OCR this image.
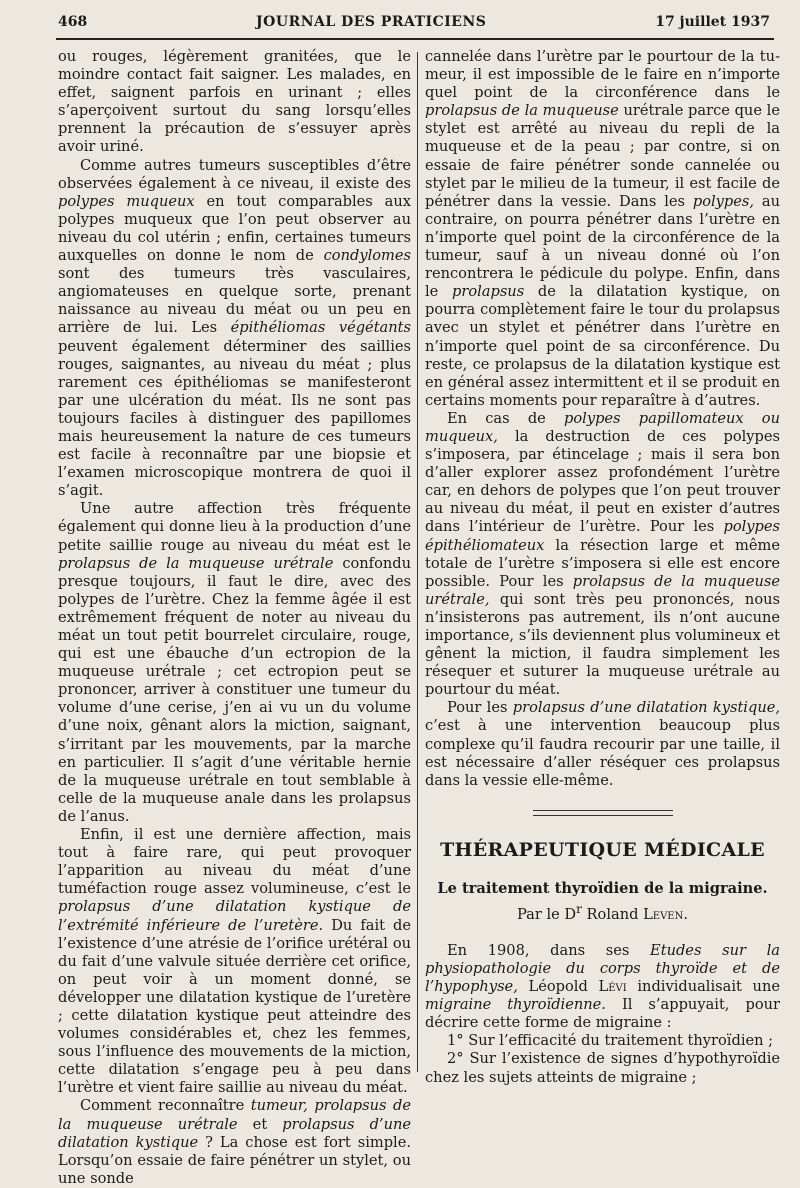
468	JOURNAL DES PRATICIENS	17 juillet 1937

ou rouges, légèrement granitées, que le moindre contact fait saigner. Les malades, en effet, saignent parfois en urinant ; elles s’aperçoivent surtout du sang lorsqu’elles prennent la précaution de s’essuyer après avoir uriné.

Comme autres tumeurs susceptibles d’être observées également à ce niveau, il existe des polypes muqueux en tout comparables aux polypes muqueux que l’on peut observer au niveau du col utérin ; enfin, certaines tumeurs auxquelles on donne le nom de condylomes sont des tumeurs très vasculaires, angiomateuses en quelque sorte, prenant naissance au niveau du méat ou un peu en arrière de lui. Les épithéliomas végétants peuvent également déterminer des saillies rouges, saignantes, au niveau du méat ; plus rarement ces épithéliomas se manifesteront par une ulcération du méat. Ils ne sont pas toujours faciles à distinguer des papillomes mais heureusement la nature de ces tumeurs est facile à reconnaître par une biopsie et l’examen microscopique montrera de quoi il s’agit.

Une autre affection très fréquente également qui donne lieu à la production d’une petite saillie rouge au niveau du méat est le prolapsus de la muqueuse urétrale confondu presque toujours, il faut le dire, avec des polypes de l’urètre. Chez la femme âgée il est extrêmement fréquent de noter au niveau du méat un tout petit bourrelet circulaire, rouge, qui est une ébauche d’un ectropion de la muqueuse urétrale ; cet ectropion peut se prononcer, arriver à constituer une tumeur du volume d’une cerise, j’en ai vu un du volume d’une noix, gênant alors la miction, saignant, s’irritant par les mouvements, par la marche en particulier. Il s’agit d’une véritable hernie de la muqueuse urétrale en tout semblable à celle de la muqueuse anale dans les prolapsus de l’anus.

Enfin, il est une dernière affection, mais tout à faire rare, qui peut provoquer l’apparition au niveau du méat d’une tuméfaction rouge assez volumineuse, c’est le prolapsus d’une dilatation kystique de l’extrémité inférieure de l’uretère. Du fait de l’existence d’une atrésie de l’orifice urétéral ou du fait d’une valvule située derrière cet orifice, on peut voir à un moment donné, se développer une dilatation kystique de l’uretère ; cette dilatation kystique peut atteindre des volumes considérables et, chez les femmes, sous l’influence des mouvements de la miction, cette dilatation s’engage peu à peu dans l’urètre et vient faire saillie au niveau du méat.

Comment reconnaître tumeur, prolapsus de la muqueuse urétrale et prolapsus d’une dilatation kystique ? La chose est fort simple. Lorsqu’on essaie de faire pénétrer un stylet, ou une sonde

cannelée dans l’urètre par le pourtour de la tumeur, il est impossible de le faire en n’importe quel point de la circonférence dans le prolapsus de la muqueuse urétrale parce que le stylet est arrêté au niveau du repli de la muqueuse et de la peau ; par contre, si on essaie de faire pénétrer sonde cannelée ou stylet par le milieu de la tumeur, il est facile de pénétrer dans la vessie. Dans les polypes, au contraire, on pourra pénétrer dans l’urètre en n’importe quel point de la circonférence de la tumeur, sauf à un niveau donné où l’on rencontrera le pédicule du polype. Enfin, dans le prolapsus de la dilatation kystique, on pourra complètement faire le tour du prolapsus avec un stylet et pénétrer dans l’urètre en n’importe quel point de sa circonférence. Du reste, ce prolapsus de la dilatation kystique est en général assez intermittent et il se produit en certains moments pour reparaître à d’autres.

En cas de polypes papillomateux ou muqueux, la destruction de ces polypes s’imposera, par étincelage ; mais il sera bon d’aller explorer assez profondément l’urètre car, en dehors de polypes que l’on peut trouver au niveau du méat, il peut en exister d’autres dans l’intérieur de l’urètre. Pour les polypes épithéliomateux la résection large et même totale de l’urètre s’imposera si elle est encore possible. Pour les prolapsus de la muqueuse urétrale, qui sont très peu prononcés, nous n’insisterons pas autrement, ils n’ont aucune importance, s’ils deviennent plus volumineux et gênent la miction, il faudra simplement les résequer et suturer la muqueuse urétrale au pourtour du méat.

Pour les prolapsus d’une dilatation kystique, c’est à une intervention beaucoup plus complexe qu’il faudra recourir par une taille, il est nécessaire d’aller réséquer ces prolapsus dans la vessie elle-même.

THÉRAPEUTIQUE MÉDICALE
Le traitement thyroïdien de la migraine.
Par le $D^r$ Roland Leven.

En 1908, dans ses Etudes sur la physiopathologie du corps thyroïde et de l’hypophyse, Léopold Lévi individualisait une migraine thyroïdienne. Il s’appuyait, pour décrire cette forme de migraine :

1° Sur l’efficacité du traitement thyroïdien ;

2° Sur l’existence de signes d’hypothyroïdie chez les sujets atteints de migraine ;
